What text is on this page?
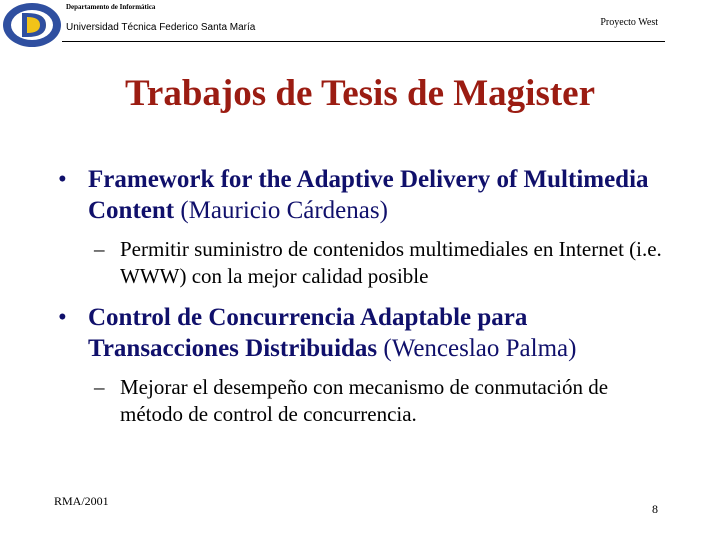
Departamento de Informática
Universidad Técnica Federico Santa María	Proyecto West
Trabajos de Tesis de Magister
• Framework for the Adaptive Delivery of Multimedia Content (Mauricio Cárdenas)
– Permitir suministro de contenidos multimediales en Internet (i.e. WWW) con la mejor calidad posible
• Control de Concurrencia Adaptable para Transacciones Distribuidas (Wenceslao Palma)
– Mejorar el desempeño con mecanismo de conmutación de método de control de concurrencia.
RMA/2001
8
